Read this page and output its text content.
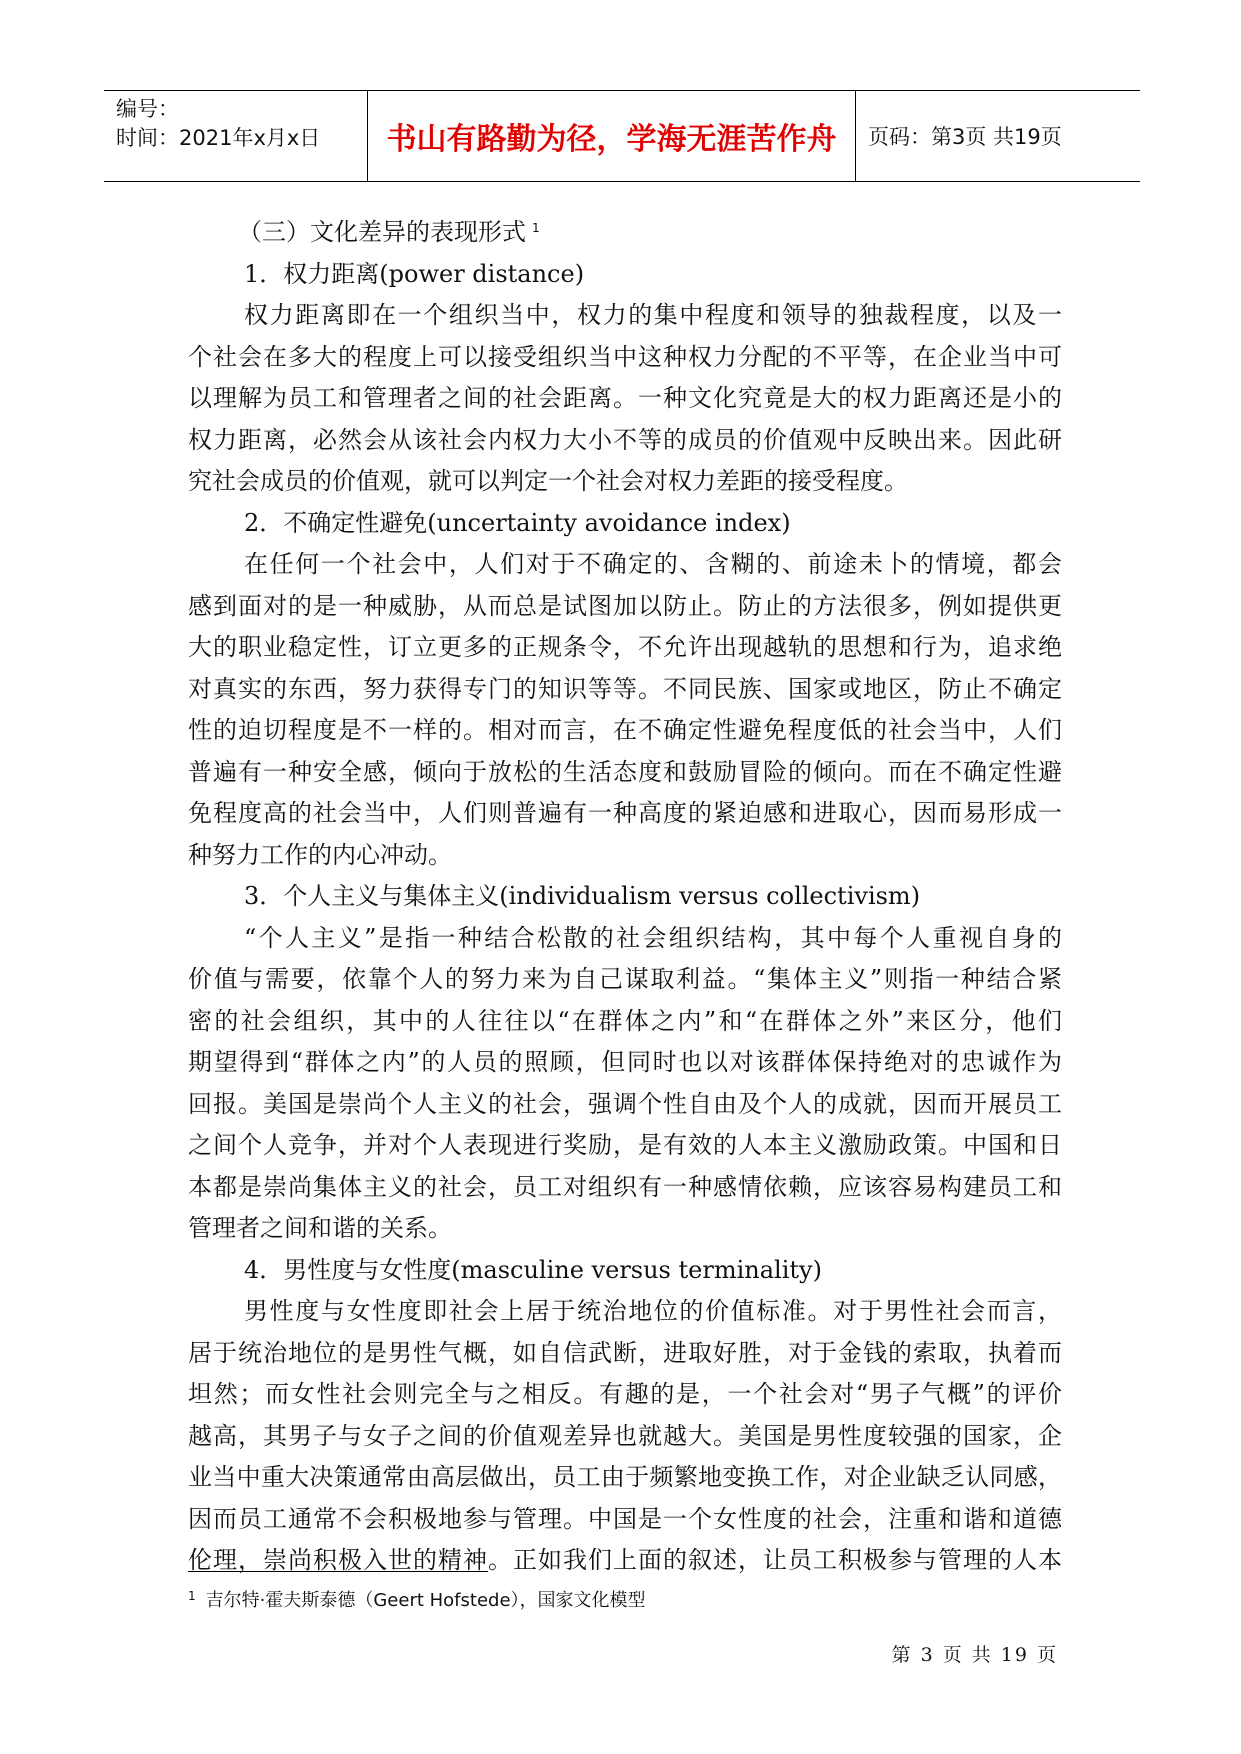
编号：
时间：2021年x月x日	书山有路勤为径，学海无涯苦作舟	页码：第3页 共19页
（三）文化差异的表现形式 $^1$
1．权力距离(power distance)
权力距离即在一个组织当中，权力的集中程度和领导的独裁程度，以及一
个社会在多大的程度上可以接受组织当中这种权力分配的不平等，在企业当中可
以理解为员工和管理者之间的社会距离。一种文化究竟是大的权力距离还是小的
权力距离，必然会从该社会内权力大小不等的成员的价值观中反映出来。因此研
究社会成员的价值观，就可以判定一个社会对权力差距的接受程度。
2．不确定性避免(uncertainty avoidance index)
在任何一个社会中，人们对于不确定的、含糊的、前途未卜的情境，都会
感到面对的是一种威胁，从而总是试图加以防止。防止的方法很多，例如提供更
大的职业稳定性，订立更多的正规条令，不允许出现越轨的思想和行为，追求绝
对真实的东西，努力获得专门的知识等等。不同民族、国家或地区，防止不确定
性的迫切程度是不一样的。相对而言，在不确定性避免程度低的社会当中，人们
普遍有一种安全感，倾向于放松的生活态度和鼓励冒险的倾向。而在不确定性避
免程度高的社会当中，人们则普遍有一种高度的紧迫感和进取心，因而易形成一
种努力工作的内心冲动。
3．个人主义与集体主义(individualism versus collectivism)
“个人主义”是指一种结合松散的社会组织结构，其中每个人重视自身的
价值与需要，依靠个人的努力来为自己谋取利益。“集体主义”则指一种结合紧
密的社会组织，其中的人往往以“在群体之内”和“在群体之外”来区分，他们
期望得到“群体之内”的人员的照顾，但同时也以对该群体保持绝对的忠诚作为
回报。美国是崇尚个人主义的社会，强调个性自由及个人的成就，因而开展员工
之间个人竞争，并对个人表现进行奖励，是有效的人本主义激励政策。中国和日
本都是崇尚集体主义的社会，员工对组织有一种感情依赖，应该容易构建员工和
管理者之间和谐的关系。
4．男性度与女性度(masculine versus terminality)
男性度与女性度即社会上居于统治地位的价值标准。对于男性社会而言，
居于统治地位的是男性气概，如自信武断，进取好胜，对于金钱的索取，执着而
坦然；而女性社会则完全与之相反。有趣的是，一个社会对“男子气概”的评价
越高，其男子与女子之间的价值观差异也就越大。美国是男性度较强的国家，企
业当中重大决策通常由高层做出，员工由于频繁地变换工作，对企业缺乏认同感，
因而员工通常不会积极地参与管理。中国是一个女性度的社会，注重和谐和道德
伦理，崇尚积极入世的精神。正如我们上面的叙述，让员工积极参与管理的人本
$^1$ 吉尔特·霍夫斯泰德（Geert Hofstede），国家文化模型
第 3 页 共 19 页
